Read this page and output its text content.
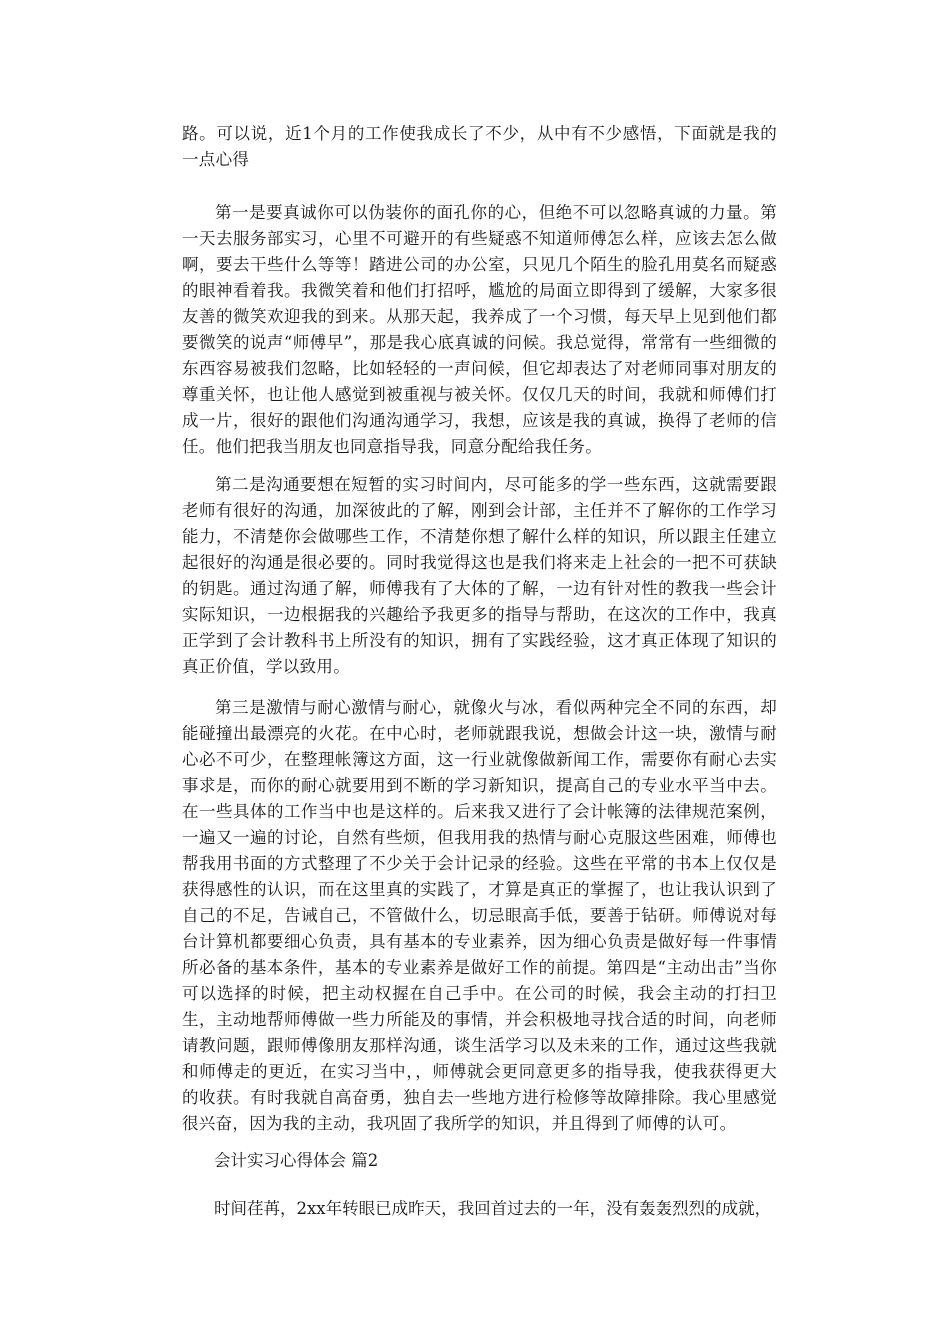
路。可以说，近1个月的工作使我成长了不少，从中有不少感悟，下面就是我的一点心得
第一是要真诚你可以伪装你的面孔你的心，但绝不可以忽略真诚的力量。第一天去服务部实习，心里不可避开的有些疑惑不知道师傅怎么样，应该去怎么做啊，要去干些什么等等！踏进公司的办公室，只见几个陌生的脸孔用莫名而疑惑的眼神看着我。我微笑着和他们打招呼，尴尬的局面立即得到了缓解，大家多很友善的微笑欢迎我的到来。从那天起，我养成了一个习惯，每天早上见到他们都要微笑的说声“师傅早”，那是我心底真诚的问候。我总觉得，常常有一些细微的东西容易被我们忽略，比如轻轻的一声问候，但它却表达了对老师同事对朋友的尊重关怀，也让他人感觉到被重视与被关怀。仅仅几天的时间，我就和师傅们打成一片，很好的跟他们沟通沟通学习，我想，应该是我的真诚，换得了老师的信任。他们把我当朋友也同意指导我，同意分配给我任务。
第二是沟通要想在短暂的实习时间内，尽可能多的学一些东西，这就需要跟老师有很好的沟通，加深彼此的了解，刚到会计部，主任并不了解你的工作学习能力，不清楚你会做哪些工作，不清楚你想了解什么样的知识，所以跟主任建立起很好的沟通是很必要的。同时我觉得这也是我们将来走上社会的一把不可获缺的钥匙。通过沟通了解，师傅我有了大体的了解，一边有针对性的教我一些会计实际知识，一边根据我的兴趣给予我更多的指导与帮助，在这次的工作中，我真正学到了会计教科书上所没有的知识，拥有了实践经验，这才真正体现了知识的真正价值，学以致用。
第三是激情与耐心激情与耐心，就像火与冰，看似两种完全不同的东西，却能碰撞出最漂亮的火花。在中心时，老师就跟我说，想做会计这一块，激情与耐心必不可少，在整理帐簿这方面，这一行业就像做新闻工作，需要你有耐心去实事求是，而你的耐心就要用到不断的学习新知识，提高自己的专业水平当中去。在一些具体的工作当中也是这样的。后来我又进行了会计帐簿的法律规范案例，一遍又一遍的讨论，自然有些烦，但我用我的热情与耐心克服这些困难，师傅也帮我用书面的方式整理了不少关于会计记录的经验。这些在平常的书本上仅仅是获得感性的认识，而在这里真的实践了，才算是真正的掌握了，也让我认识到了自己的不足，告诫自己，不管做什么，切忌眼高手低，要善于钻研。师傅说对每台计算机都要细心负责，具有基本的专业素养，因为细心负责是做好每一件事情所必备的基本条件，基本的专业素养是做好工作的前提。第四是“主动出击”当你可以选择的时候，把主动权握在自己手中。在公司的时候，我会主动的打扫卫生，主动地帮师傅做一些力所能及的事情，并会积极地寻找合适的时间，向老师请教问题，跟师傅像朋友那样沟通，谈生活学习以及未来的工作，通过这些我就和师傅走的更近，在实习当中，，师傅就会更同意更多的指导我，使我获得更大的收获。有时我就自高奋勇，独自去一些地方进行检修等故障排除。我心里感觉很兴奋，因为我的主动，我巩固了我所学的知识，并且得到了师傅的认可。
会计实习心得体会 篇2
时间荏苒，2xx年转眼已成昨天，我回首过去的一年，没有轰轰烈烈的成就，
